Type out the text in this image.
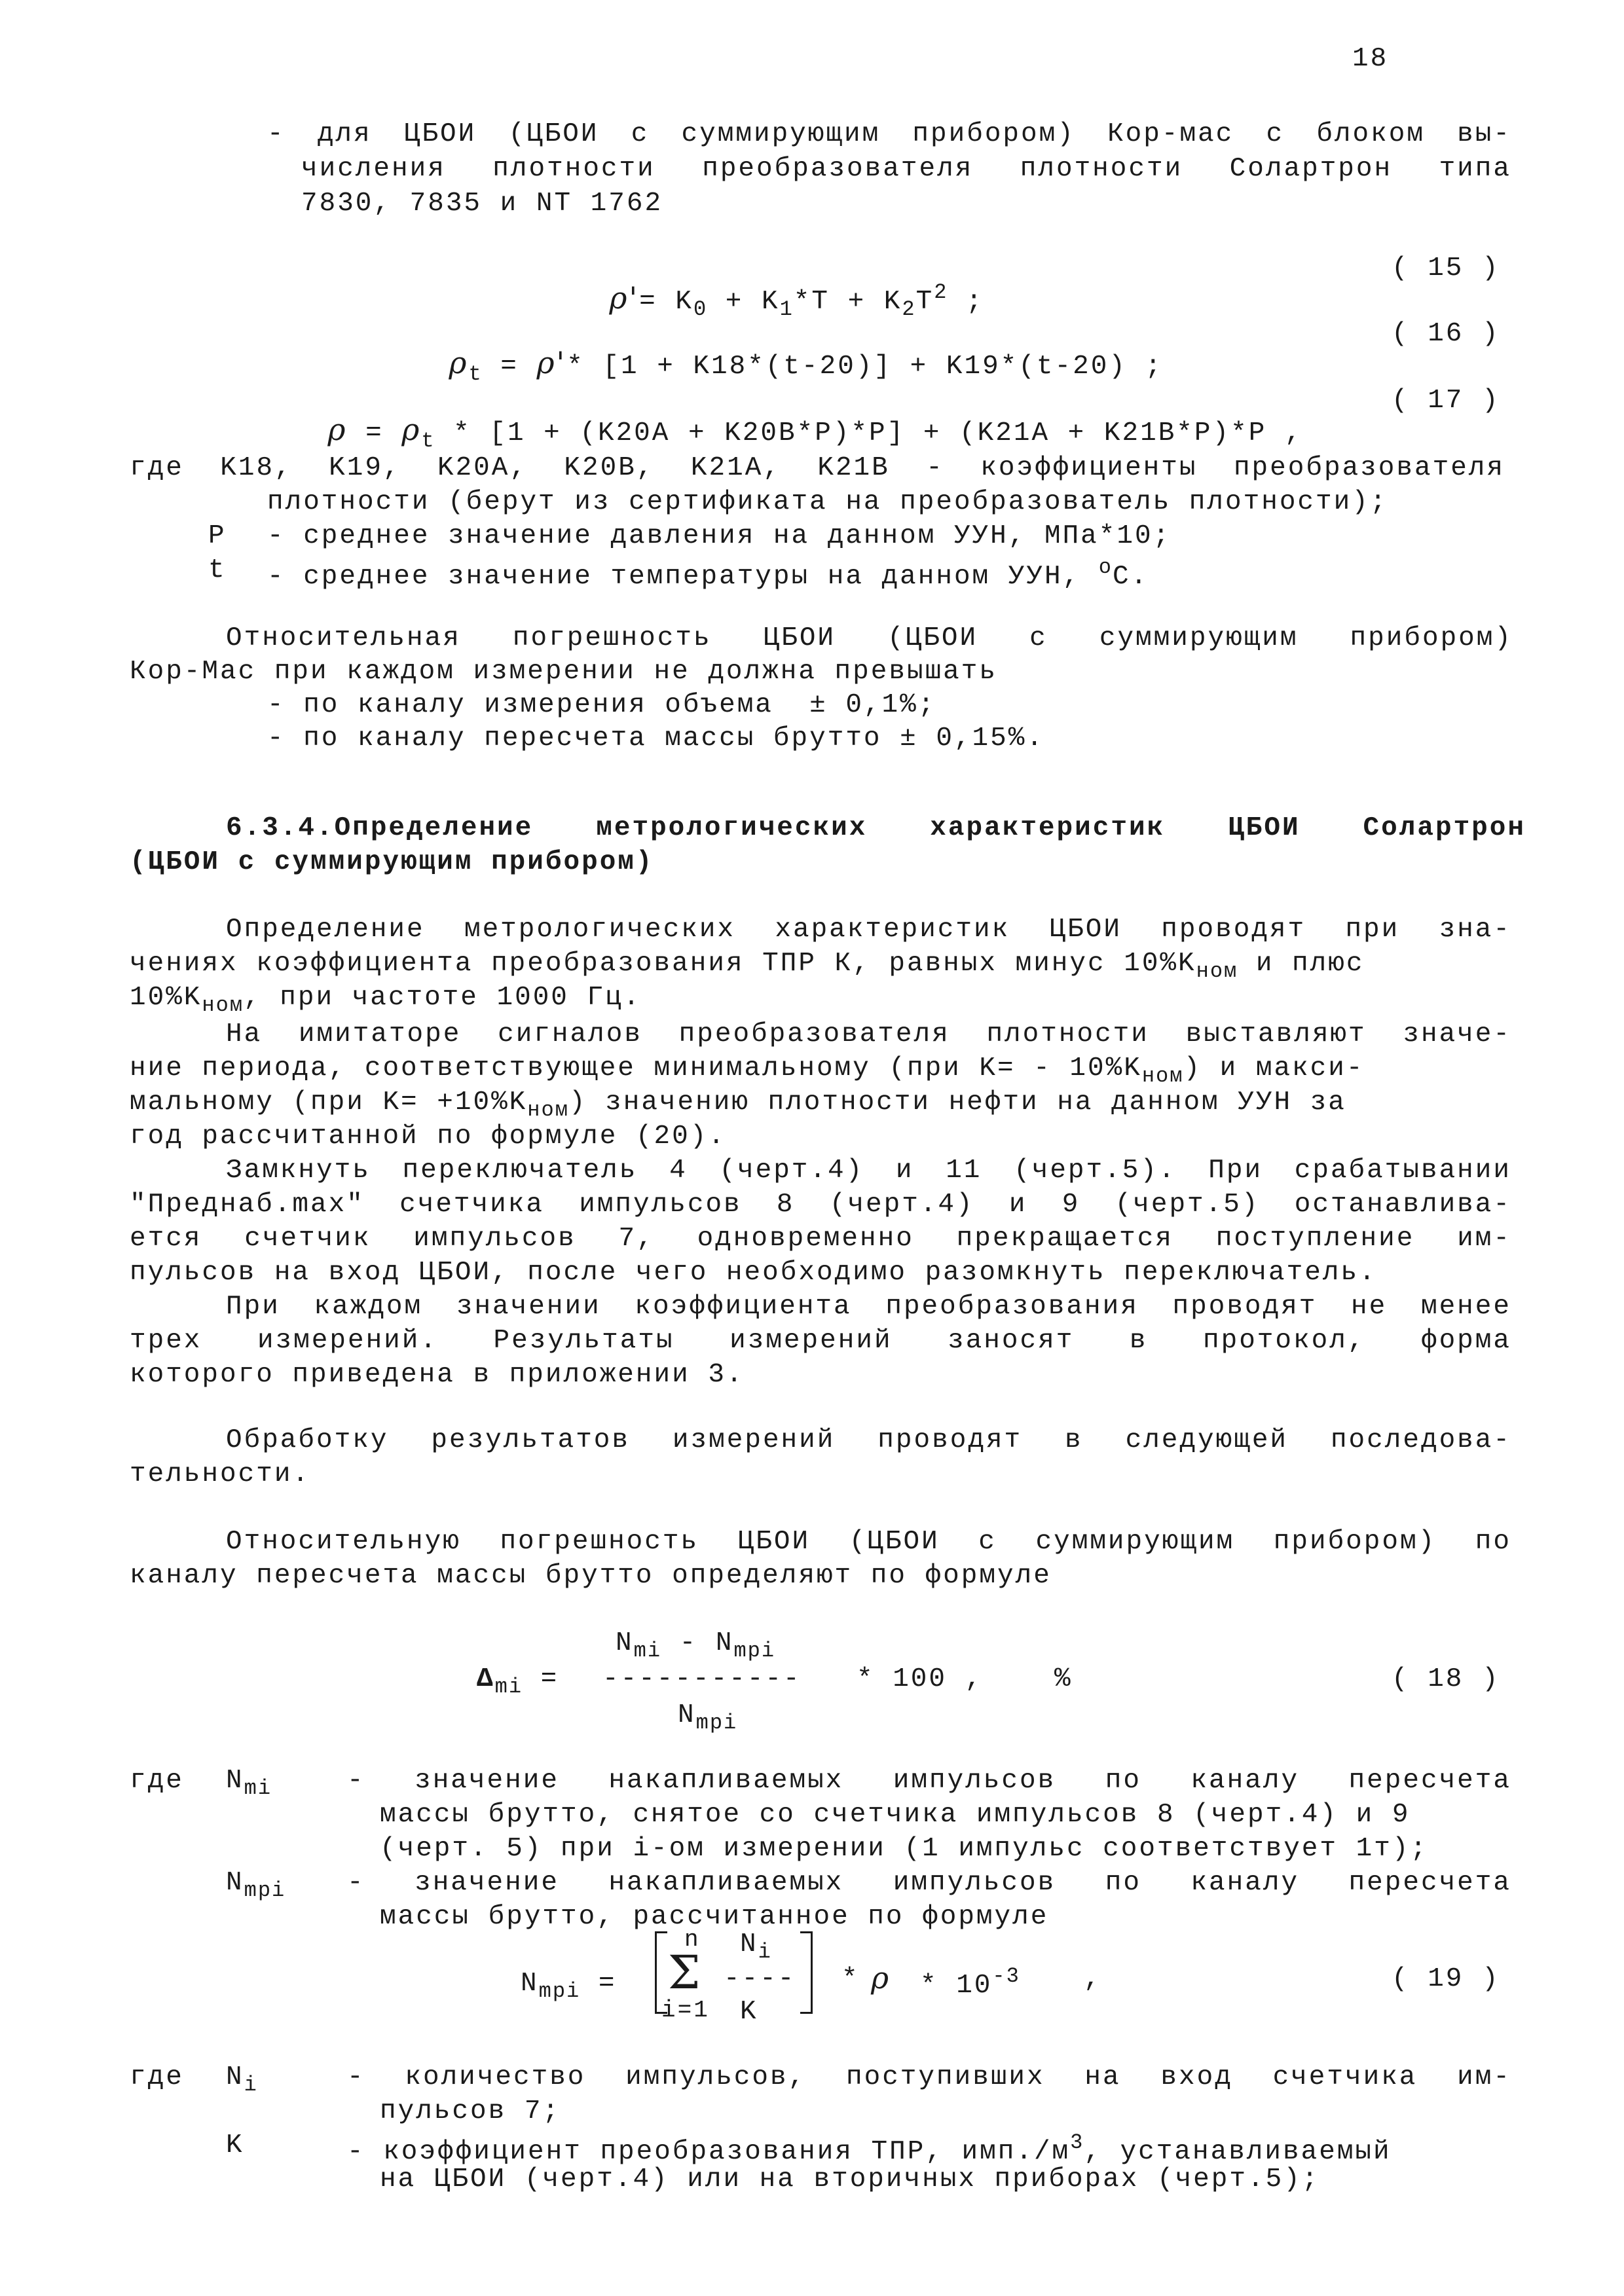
18
- для ЦБОИ (ЦБОИ с суммирующим прибором) Кор-мас с блоком вы-
числения плотности преобразователя плотности Солартрон типа
7830, 7835 и NT 1762

$\rho'= K_0 + K_1*T + K_2T^2$ ;

( 15 )

$\rho_t = \rho'*$ [1 + K18*(t-20)] + K19*(t-20) ;

( 16 )

$\rho = \rho_t * [1 + (K20A + K20B*P)*P] + (K21A + K21B*P)*P$ ,

( 17 )
где K18, K19, K20A, K20B, K21A, K21B - коэффициенты преобразователя
плотности (берут из сертификата на преобразователь плотности);
P - среднее значение давления на данном УУН, МПа*10;
t - среднее значение температуры на данном УУН, $^o$C.
Относительная погрешность ЦБОИ (ЦБОИ с суммирующим прибором)
Кор-Мас при каждом измерении не должна превышать
- по каналу измерения объема  ± 0,1%;
- по каналу пересчета массы брутто ± 0,15%.
6.3.4.Определение метрологических характеристик ЦБОИ Солартрон
(ЦБОИ с суммирующим прибором)
Определение метрологических характеристик ЦБОИ проводят при зна-
чениях коэффициента преобразования ТПР К, равных минус $10\%K_{ном}$ и плюс
$10\%K_{ном}$, при частоте 1000 Гц.
На имитаторе сигналов преобразователя плотности выставляют значе-
ние периода, соответствующее минимальному (при $K= - 10\%K_{ном}$) и макси-
мальному (при $K= +10\%K_{ном}$) значению плотности нефти на данном УУН за
год рассчитанной по формуле (20).
Замкнуть переключатель 4 (черт.4) и 11 (черт.5). При срабатывании
"Преднаб.max" счетчика импульсов 8 (черт.4) и 9 (черт.5) останавлива-
ется счетчик импульсов 7, одновременно прекращается поступление им-
пульсов на вход ЦБОИ, после чего необходимо разомкнуть переключатель.
При каждом значении коэффициента преобразования проводят не менее
трех измерений. Результаты измерений заносят в протокол, форма
которого приведена в приложении 3.
Обработку результатов измерений проводят в следующей последова-
тельности.
Относительную погрешность ЦБОИ (ЦБОИ с суммирующим прибором) по
каналу пересчета массы брутто определяют по формуле
$N_{mi} - N_{mpi}$
$\Delta_{mi}$ = ----------- * 100 ,	%	( 18 )
$N_{mpi}$
где $N_{mi}$	- значение накапливаемых импульсов по каналу пересчета
массы брутто, снятое со счетчика импульсов 8 (черт.4) и 9
(черт. 5) при i-ом измерении (1 импульс соответствует 1т);
$N_{mpi}$ - значение накапливаемых импульсов по каналу пересчета
массы брутто, рассчитанное по формуле
$N_{mpi}$ =
n
Σ
i=1
$N_i$
----
K
* ρ * $10^{-3}$ ,	( 19 )
где $N_i$	- количество импульсов, поступивших на вход счетчика им-
пульсов 7;
K	- коэффициент преобразования ТПР, $имп./м^3$, устанавливаемый
на ЦБОИ (черт.4) или на вторичных приборах (черт.5);
